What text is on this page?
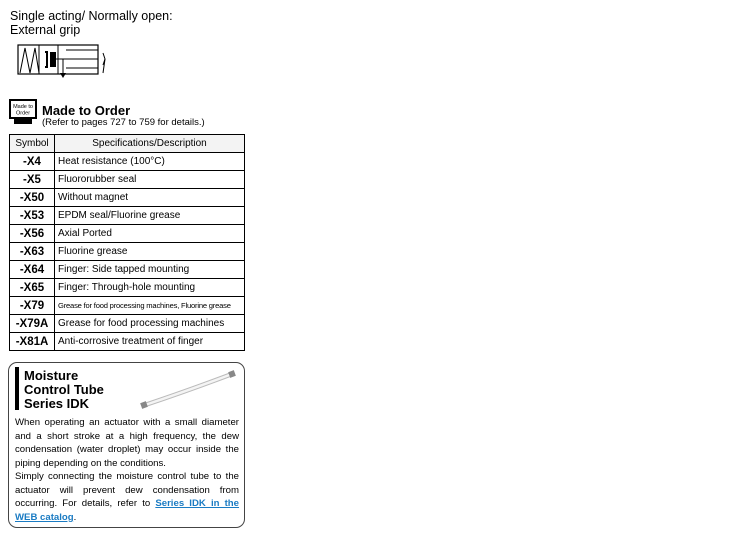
Single acting/ Normally open:
External grip
Made to
Order Made to Order
(Refer to pages 727 to 759 for details.)
Symbol	Specifications/Description
-X4	Heat resistance (100°C)
-X5	Fluororubber seal
-X50	Without magnet
-X53	EPDM seal/Fluorine grease
-X56	Axial Ported
-X63	Fluorine grease
-X64	Finger: Side tapped mounting
-X65	Finger: Through-hole mounting
-X79	Grease for food processing machines, Fluorine grease
-X79A	Grease for food processing machines
-X81A	Anti-corrosive treatment of finger
Moisture
Control Tube
Series IDK

When operating an actuator with a small diameter and a short stroke at a high frequency, the dew condensation (water droplet) may occur inside the piping depending on the conditions.

Simply connecting the moisture control tube to the actuator will prevent dew condensation from occurring. For details, refer to Series IDK in the WEB catalog.
